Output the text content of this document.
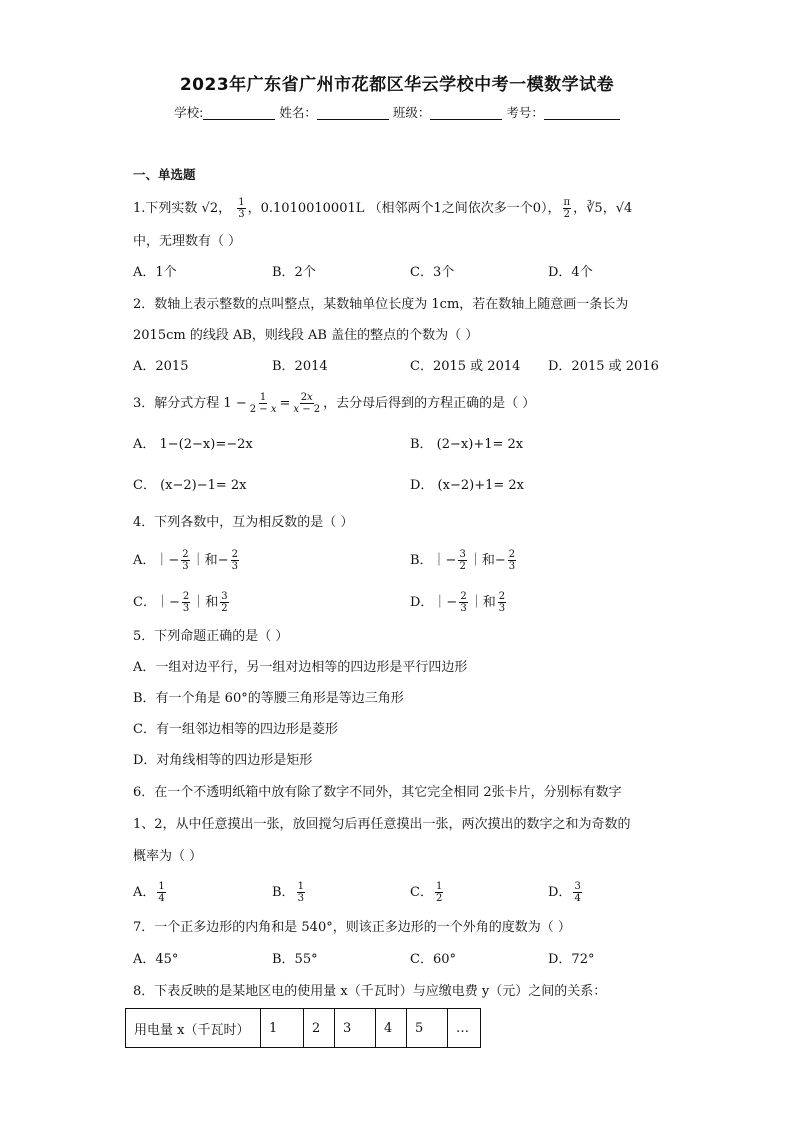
2023年广东省广州市花都区华云学校中考一模数学试卷
学校:	姓名：	班级：	考号：
一、单选题
1.下列实数 √2， $\frac{1}{3}$ ，0.1010010001L （相邻两个1之间依次多一个0）， $\frac{\pi}{2}$ ，∛5，√4
中，无理数有（ ）
A．1个	B．2个	C．3个	D．4个
2．数轴上表示整数的点叫整点，某数轴单位长度为 1cm，若在数轴上随意画一条长为
2015cm 的线段 AB，则线段 AB 盖住的整点的个数为（ ）
A．2015	B．2014	C．2015 或 2014 D．2015 或 2016
3．解分式方程 $1 - \frac{1}{2 - x} = \frac{2x}{x - 2}$ ，去分母后得到的方程正确的是（ ）
A． 1−(2−x)=−2x	B． (2−x)+1= 2x
C． (x−2)−1= 2x	D． (x−2)+1= 2x
4．下列各数中，互为相反数的是（ ）
A．｜− $\frac{2}{3}$ ｜和− $\frac{2}{3}$	B．｜− $\frac{3}{2}$ ｜和− $\frac{2}{3}$
C．｜− $\frac{2}{3}$ ｜和 $\frac{3}{2}$	D．｜− $\frac{2}{3}$ ｜和 $\frac{2}{3}$
5．下列命题正确的是（ ）
A．一组对边平行，另一组对边相等的四边形是平行四边形
B．有一个角是 60°的等腰三角形是等边三角形
C．有一组邻边相等的四边形是菱形
D．对角线相等的四边形是矩形
6．在一个不透明纸箱中放有除了数字不同外，其它完全相同 2张卡片，分别标有数字
1、2，从中任意摸出一张，放回搅匀后再任意摸出一张，两次摸出的数字之和为奇数的
概率为（ ）
A． $\frac{1}{4}$	B． $\frac{1}{3}$	C． $\frac{1}{2}$	D． $\frac{3}{4}$
7．一个正多边形的内角和是 540°，则该正多边形的一个外角的度数为（ ）
A．45°	B．55°	C．60°	D．72°
8．下表反映的是某地区电的使用量 x（千瓦时）与应缴电费 y（元）之间的关系：
用电量 x（千瓦时）	1	2	3	4	5	…
